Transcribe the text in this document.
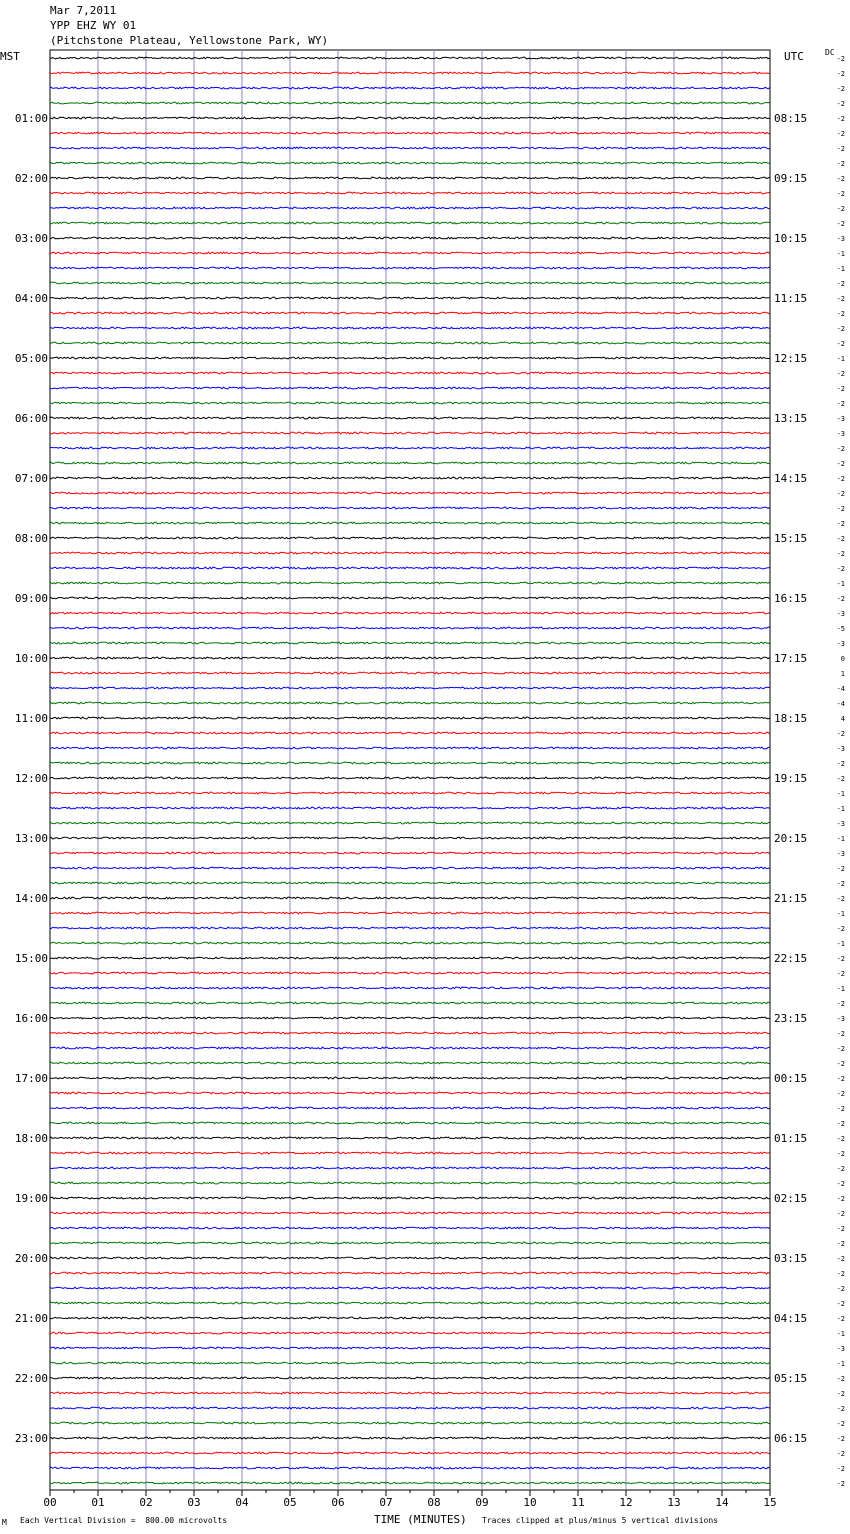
Mar 7,2011
YPP EHZ WY 01
(Pitchstone Plateau, Yellowstone Park, WY)
MST	UTC	DC
00	01	02	03	04	05	06	07	08	09	10	11	12	13	14	15
-2
-2
-2
-2
-2
-2
-2
-2
-2
-2
-2
-2
-3
-1
-1
-2
-2
-2
-2
-2
-1
-2
-2
-2
-3
-3
-2
-2
-2
-2
-2
-2
-2
-2
-2
-1
-2
-3
-5
-3
0
1
-4
-4
4
-2
-3
-2
-2
-1
-1
-3
-1
-3
-2
-2
-2
-1
-2
-1
-2
-2
-1
-2
-3
-2
-2
-2
-2
-2
-2
-2
-2
-2
-2
-2
-2
-2
-2
-2
-2
-2
-2
-2
-2
-1
-3
-1
-2
-2
-2
-2
-2
-2
-2
-2
01:00
02:00
03:00
04:00
05:00
06:00
07:00
08:00
09:00
10:00
11:00
12:00
13:00
14:00
15:00
16:00
17:00
18:00
19:00
20:00
21:00
22:00
23:00
08:15
09:15
10:15
11:15
12:15
13:15
14:15
15:15
16:15
17:15
18:15
19:15
20:15
21:15
22:15
23:15
00:15
01:15
02:15
03:15
04:15
05:15
06:15
M Each Vertical Division =  800.00 microvolts	TIME (MINUTES) Traces clipped at plus/minus 5 vertical divisions
